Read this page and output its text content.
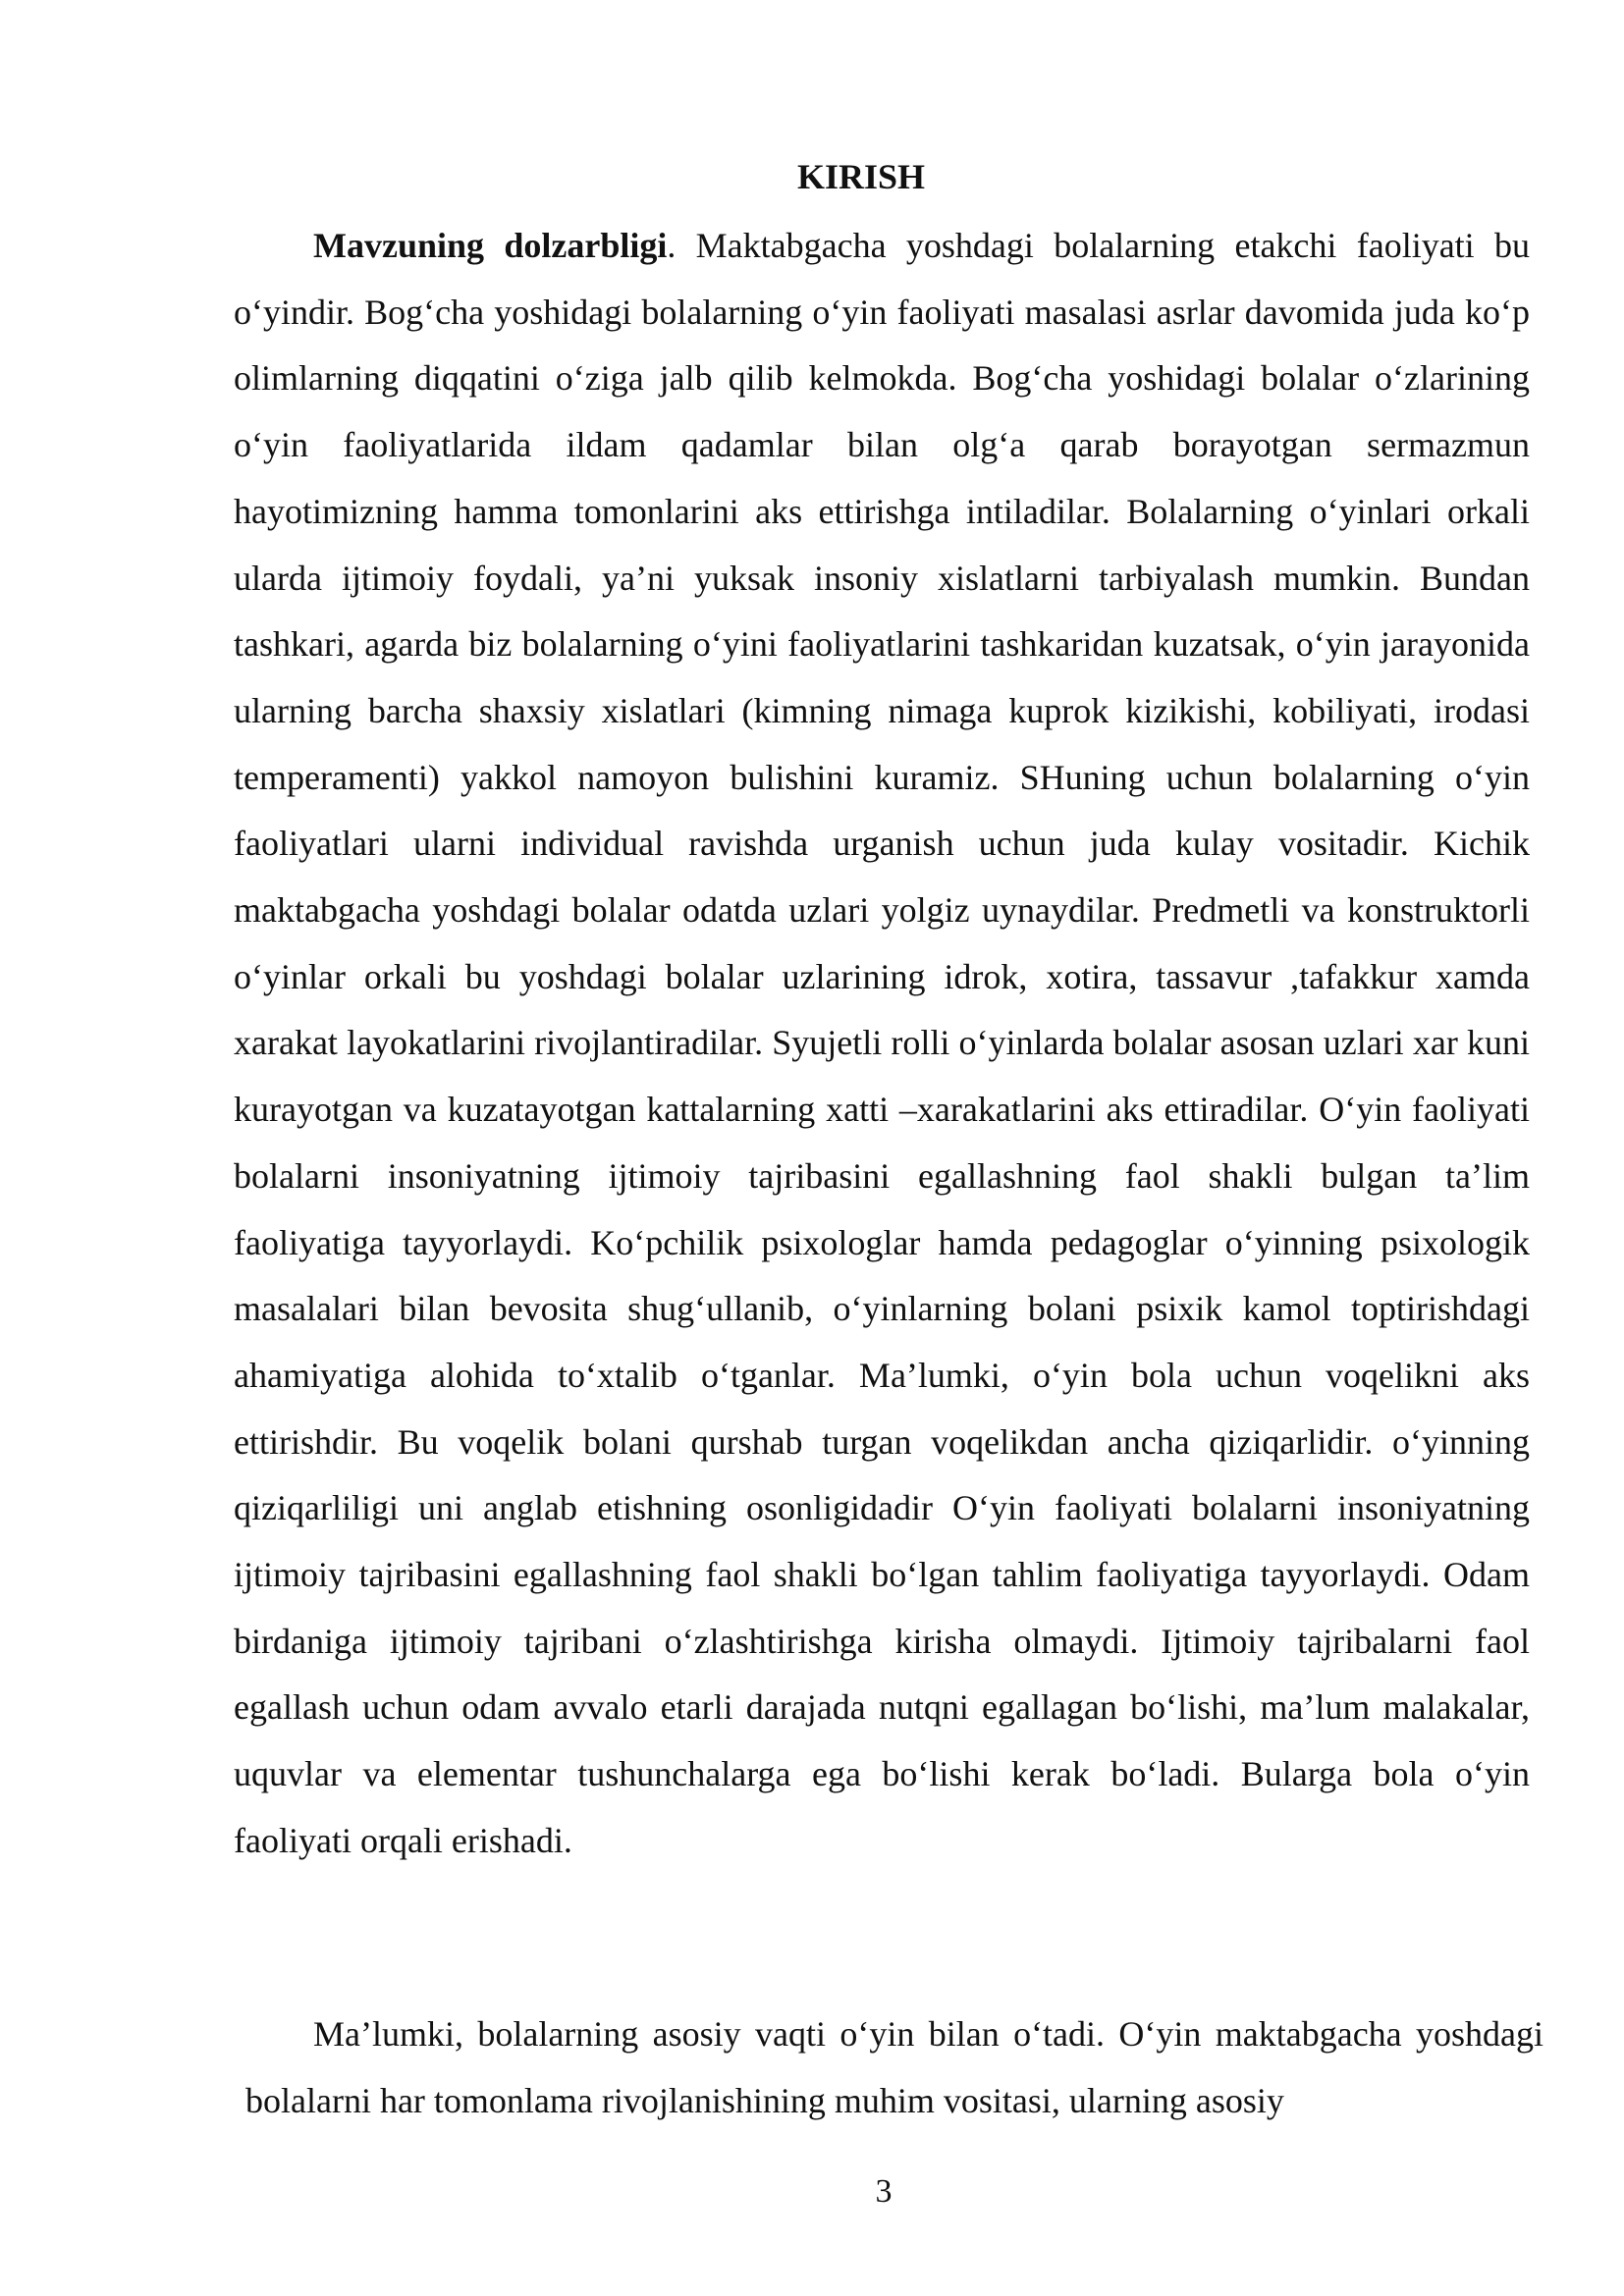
KIRISH

Mavzuning dolzarbligi. Maktabgacha yoshdagi bolalarning etakchi faoliyati bu o‘yindir. Bog‘cha yoshidagi bolalarning o‘yin faoliyati masalasi asrlar davomida juda ko‘p olimlarning diqqatini o‘ziga jalb qilib kelmokda. Bog‘cha yoshidagi bolalar o‘zlarining o‘yin faoliyatlarida ildam qadamlar bilan olg‘a qarab borayotgan sermazmun hayotimizning hamma tomonlarini aks ettirishga intiladilar. Bolalarning o‘yinlari orkali ularda ijtimoiy foydali, ya’ni yuksak insoniy xislatlarni tarbiyalash mumkin. Bundan tashkari, agarda biz bolalarning o‘yini faoliyatlarini tashkaridan kuzatsak, o‘yin jarayonida ularning barcha shaxsiy xislatlari (kimning nimaga kuprok kizikishi, kobiliyati, irodasi temperamenti) yakkol namoyon bulishini kuramiz. SHuning uchun bolalarning o‘yin faoliyatlari ularni individual ravishda urganish uchun juda kulay vositadir. Kichik maktabgacha yoshdagi bolalar odatda uzlari yolgiz uynaydilar. Predmetli va konstruktorli o‘yinlar orkali bu yoshdagi bolalar uzlarining idrok, xotira, tassavur ,tafakkur xamda xarakat layokatlarini rivojlantiradilar. Syujetli rolli o‘yinlarda bolalar asosan uzlari xar kuni kurayotgan va kuzatayotgan kattalarning xatti –xarakatlarini aks ettiradilar. O‘yin faoliyati bolalarni insoniyatning ijtimoiy tajribasini egallashning faol shakli bulgan ta’lim faoliyatiga tayyorlaydi. Ko‘pchilik psixologlar hamda pedagoglar o‘yinning psixologik masalalari bilan bevosita shug‘ullanib, o‘yinlarning bolani psixik kamol toptirishdagi ahamiyatiga alohida to‘xtalib o‘tganlar. Ma’lumki, o‘yin bola uchun voqelikni aks ettirishdir. Bu voqelik bolani qurshab turgan voqelikdan ancha qiziqarlidir. o‘yinning qiziqarliligi uni anglab etishning osonligidadir O‘yin faoliyati bolalarni insoniyatning ijtimoiy tajribasini egallashning faol shakli bo‘lgan tahlim faoliyatiga tayyorlaydi. Odam birdaniga ijtimoiy tajribani o‘zlashtirishga kirisha olmaydi. Ijtimoiy tajribalarni faol egallash uchun odam avvalo etarli darajada nutqni egallagan bo‘lishi, ma’lum malakalar, uquvlar va elementar tushunchalarga ega bo‘lishi kerak bo‘ladi. Bularga bola o‘yin faoliyati orqali erishadi.

Ma’lumki, bolalarning asosiy vaqti o‘yin bilan o‘tadi. O‘yin maktabgacha yoshdagi bolalarni har tomonlama rivojlanishining muhim vositasi, ularning asosiy

3
